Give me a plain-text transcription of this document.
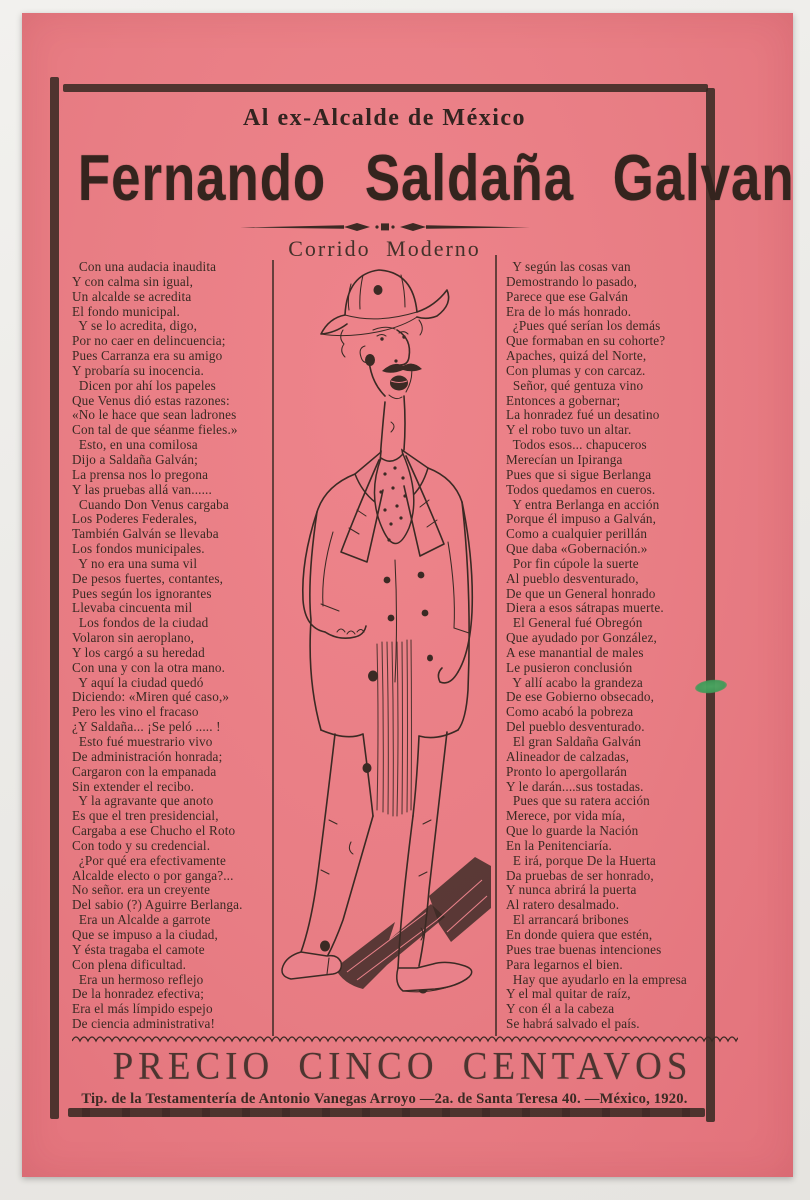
Al ex-Alcalde de México
Fernando Saldaña Galvan
Corrido Moderno
Con una audacia inaudita
Y con calma sin igual,
Un alcalde se acredita
El fondo municipal.
Y se lo acredita, digo,
Por no caer en delincuencia;
Pues Carranza era su amigo
Y probaría su inocencia.
Dicen por ahí los papeles
Que Venus dió estas razones:
«No le hace que sean ladrones
Con tal de que séanme fieles.»
Esto, en una comilosa
Dijo a Saldaña Galván;
La prensa nos lo pregona
Y las pruebas allá van......
Cuando Don Venus cargaba
Los Poderes Federales,
También Galván se llevaba
Los fondos municipales.
Y no era una suma vil
De pesos fuertes, contantes,
Pues según los ignorantes
Llevaba cincuenta mil
Los fondos de la ciudad
Volaron sin aeroplano,
Y los cargó a su heredad
Con una y con la otra mano.
Y aquí la ciudad quedó
Diciendo: «Miren qué caso,»
Pero les vino el fracaso
¿Y Saldaña... ¡Se peló ..... !
Esto fué muestrario vivo
De administración honrada;
Cargaron con la empanada
Sin extender el recibo.
Y la agravante que anoto
Es que el tren presidencial,
Cargaba a ese Chucho el Roto
Con todo y su credencial.
¿Por qué era efectivamente
Alcalde electo o por ganga?...
No señor. era un creyente
Del sabio (?) Aguirre Berlanga.
Era un Alcalde a garrote
Que se impuso a la ciudad,
Y ésta tragaba el camote
Con plena dificultad.
Era un hermoso reflejo
De la honradez efectiva;
Era el más límpido espejo
De ciencia administrativa!
Y según las cosas van
Demostrando lo pasado,
Parece que ese Galván
Era de lo más honrado.
¿Pues qué serían los demás
Que formaban en su cohorte?
Apaches, quizá del Norte,
Con plumas y con carcaz.
Señor, qué gentuza vino
Entonces a gobernar;
La honradez fué un desatino
Y el robo tuvo un altar.
Todos esos... chapuceros
Merecían un Ipiranga
Pues que si sigue Berlanga
Todos quedamos en cueros.
Y entra Berlanga en acción
Porque él impuso a Galván,
Como a cualquier perillán
Que daba «Gobernación.»
Por fin cúpole la suerte
Al pueblo desventurado,
De que un General honrado
Diera a esos sátrapas muerte.
El General fué Obregón
Que ayudado por González,
A ese manantial de males
Le pusieron conclusión
Y allí acabo la grandeza
De ese Gobierno obsecado,
Como acabó la pobreza
Del pueblo desventurado.
El gran Saldaña Galván
Alineador de calzadas,
Pronto lo apergollarán
Y le darán....sus tostadas.
Pues que su ratera acción
Merece, por vida mía,
Que lo guarde la Nación
En la Penitenciaría.
E irá, porque De la Huerta
Da pruebas de ser honrado,
Y nunca abrirá la puerta
Al ratero desalmado.
El arrancará bribones
En donde quiera que estén,
Pues trae buenas intenciones
Para legarnos el bien.
Hay que ayudarlo en la empresa
Y el mal quitar de raíz,
Y con él a la cabeza
Se habrá salvado el país.
PRECIO CINCO CENTAVOS
Tip. de la Testamentería de Antonio Vanegas Arroyo —2a. de Santa Teresa 40. —México, 1920.
